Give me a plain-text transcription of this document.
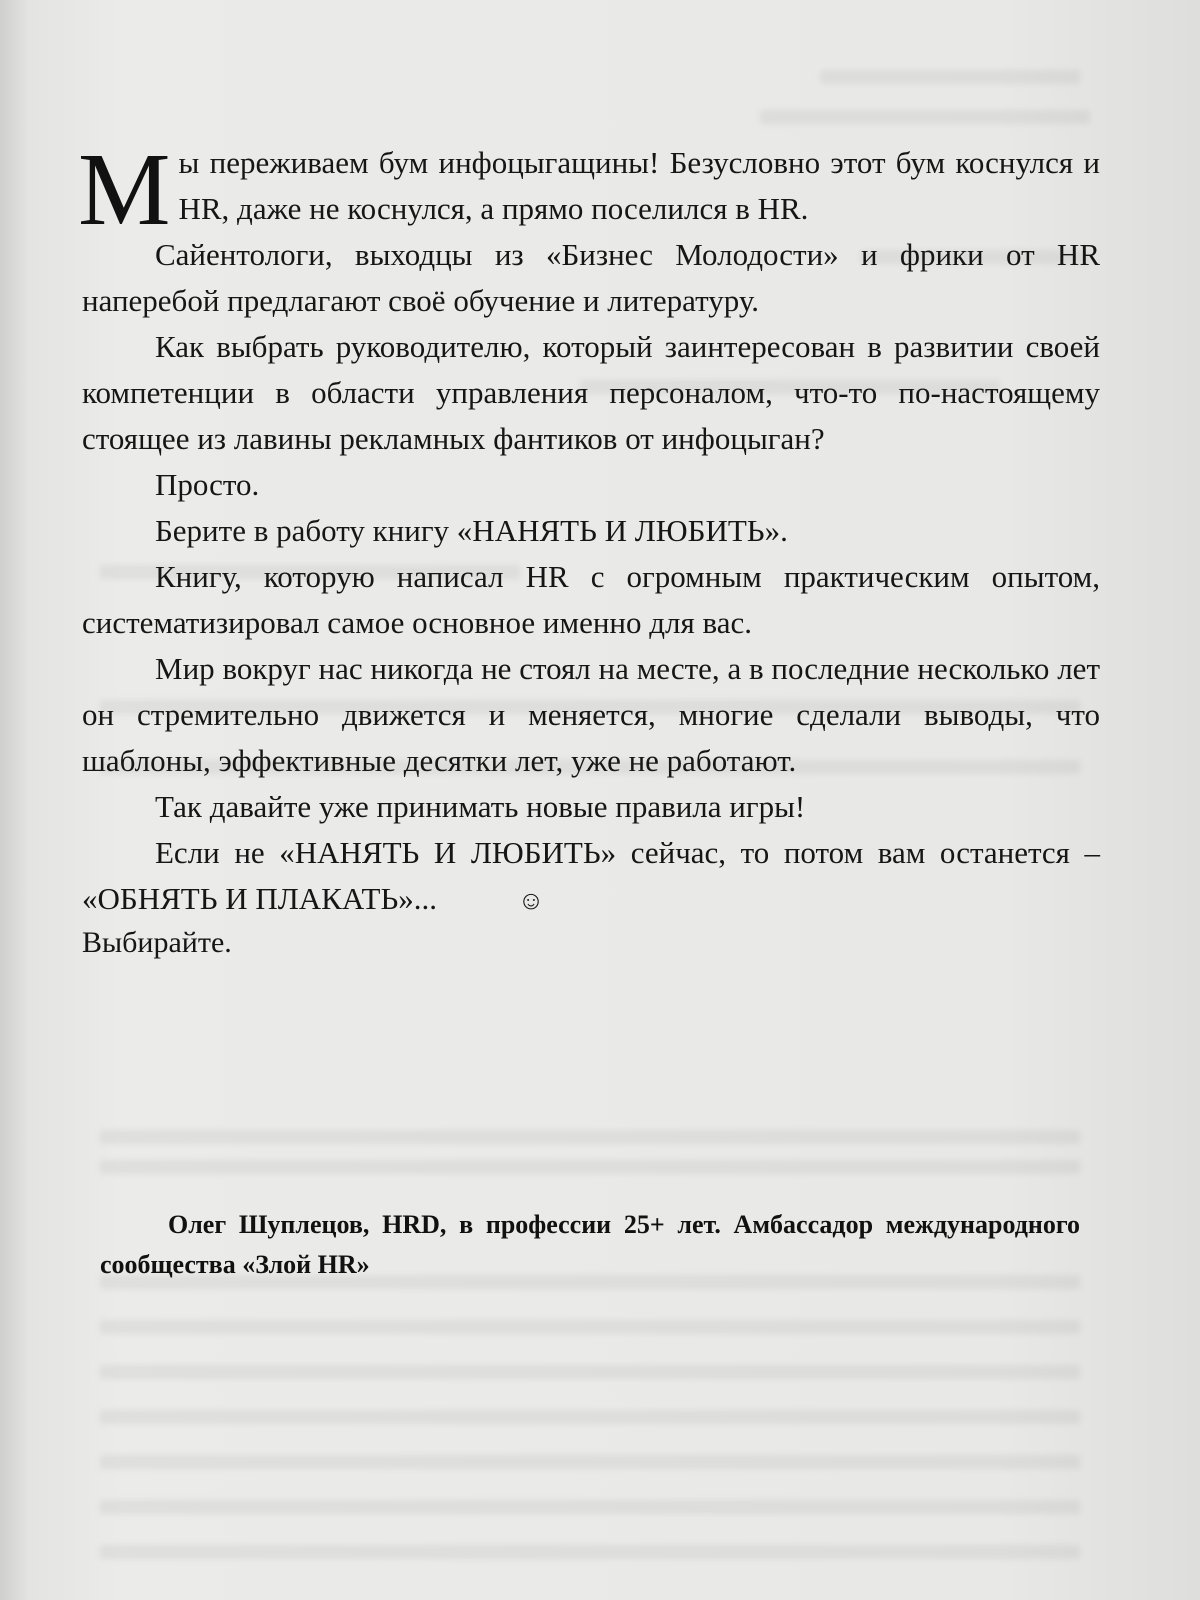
Мы переживаем бум инфоцыгащины! Безусловно этот бум коснулся и HR, даже не коснулся, а прямо поселился в HR.

Сайентологи, выходцы из «Бизнес Молодости» и фрики от HR наперебой предлагают своё обучение и литературу.

Как выбрать руководителю, который заинтересован в развитии своей компетенции в области управления персоналом, что-то по-настоящему стоящее из лавины рекламных фантиков от инфоцыган?

Просто.

Берите в работу книгу «НАНЯТЬ И ЛЮБИТЬ».

Книгу, которую написал HR с огромным практическим опытом, систематизировал самое основное именно для вас.

Мир вокруг нас никогда не стоял на месте, а в последние несколько лет он стремительно движется и меняется, многие сделали выводы, что шаблоны, эффективные десятки лет, уже не работают.

Так давайте уже принимать новые правила игры!

Если не «НАНЯТЬ И ЛЮБИТЬ» сейчас, то потом вам останется – «ОБНЯТЬ И ПЛАКАТЬ»...	☺

Выбирайте.

Олег Шуплецов, HRD, в профессии 25+ лет. Амбассадор международного сообщества «Злой HR»
